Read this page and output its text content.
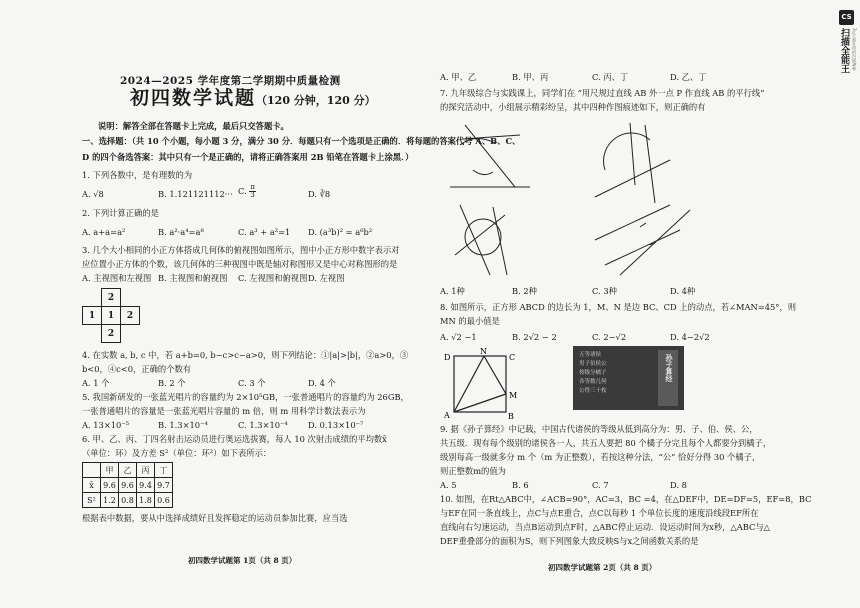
CS
扫描全能王 3亿人都在用的扫描App
2024—2025 学年度第二学期期中质量检测
初四数学试题（120 分钟，120 分）
说明：解答全部在答题卡上完成，最后只交答题卡。
一、选择题：（共 10 个小题，每小题 3 分，满分 30 分．每题只有一个选项是正确的．将每题的答案代号 A、B、C、
D 的四个备选答案：其中只有一个是正确的，请将正确答案用 2B 铅笔在答题卡上涂黑．）
1. 下列各数中，是有理数的为
A. √8	B. 1.121121112··· C. $\frac{\pi}{3}$	D. ∛8
2. 下列计算正确的是
A. a+a=a²	B. a²·a⁴=a⁸	C. a³ + a²=1 D. (a³b)² = a⁶b²
3. 几个大小相同的小正方体搭成几何体的俯视图如图所示，图中小正方形中数字表示对
应位置小正方体的个数，该几何体的三种视图中既是轴对称图形又是中心对称图形的是
A. 主视图和左视图 B. 主视图和俯视图 C. 左视图和俯视图 D. 左视图
	2	
1	1	2
	2	
4. 在实数 a, b, c 中，若 a+b=0, b−c>c−a>0，则下列结论：①|a|>|b|，②a>0，③
b<0，④c<0，正确的个数有
A. 1 个	B. 2 个	C. 3 个	D. 4 个
5. 我国新研发的一张蓝光唱片的容量约为 2×10⁵GB，一张普通唱片的容量约为 26GB，
一张普通唱片的容量是一张蓝光唱片容量的 m 倍，则 m 用科学计数法表示为
A. 13×10⁻⁵	B. 1.3×10⁻⁴	C. 1.3×10⁻⁴ D. 0.13×10⁻⁷
6. 甲、乙、丙、丁四名射击运动员进行奥运选拔赛，每人 10 次射击成绩的平均数x̄
（单位：环）及方差 S²（单位：环²）如下表所示：
	甲	乙	丙	丁
x̄	9.6	9.6	9.4	9.7
S²	1.2	0.8	1.8	0.6
根据表中数据，要从中选择成绩好且发挥稳定的运动员参加比赛，应当选
初四数学试题第 1页（共 8 页）
A. 甲、乙	B. 甲、丙	C. 丙、丁	D. 乙、丁
7. 九年级综合与实践课上，同学们在 “用尺规过直线 AB 外一点 P 作直线 AB 的平行线”
的探究活动中，小组展示精彩纷呈，其中四种作图痕迹如下，则正确的有
A. 1种	B. 2种	C. 3种	D. 4种
8. 如图所示，正方形 ABCD 的边长为 1，M、N 是边 BC、CD 上的动点，若∠MAN=45°，则
MN 的最小值是
A. √2 −1	B. 2√2 − 2	C. 2−√2	D. 4−2√2
D
N
C
M
A	B
五等诸侯
男子伯侯公
按级分橘子
各等数几何
公得三十枚
孙子算经
9. 据《孙子算经》中记载，中国古代诸侯的等级从低到高分为：男、子、伯、侯、公，
共五级．现有每个级别的诸侯各一人，共五人要把 80 个橘子分完且每个人都要分到橘子，
级别每高一级就多分 m 个（m 为正整数），若按这种分法，“公” 恰好分得 30 个橘子，
则正整数m的值为
A. 5	B. 6	C. 7	D. 8
10. 如图，在Rt△ABC中，∠ACB=90°，AC=3，BC =4，在△DEF中，DE=DF=5，EF=8，BC
与EF在同一条直线上，点C与点E重合，点C以每秒 1 个单位长度的速度沿线段EF所在
直线向右匀速运动，当点B运动到点F时，△ABC停止运动．设运动时间为x秒，△ABC与△
DEF重叠部分的面积为S，则下列图象大致反映S与x之间函数关系的是
初四数学试题第 2页（共 8 页）
